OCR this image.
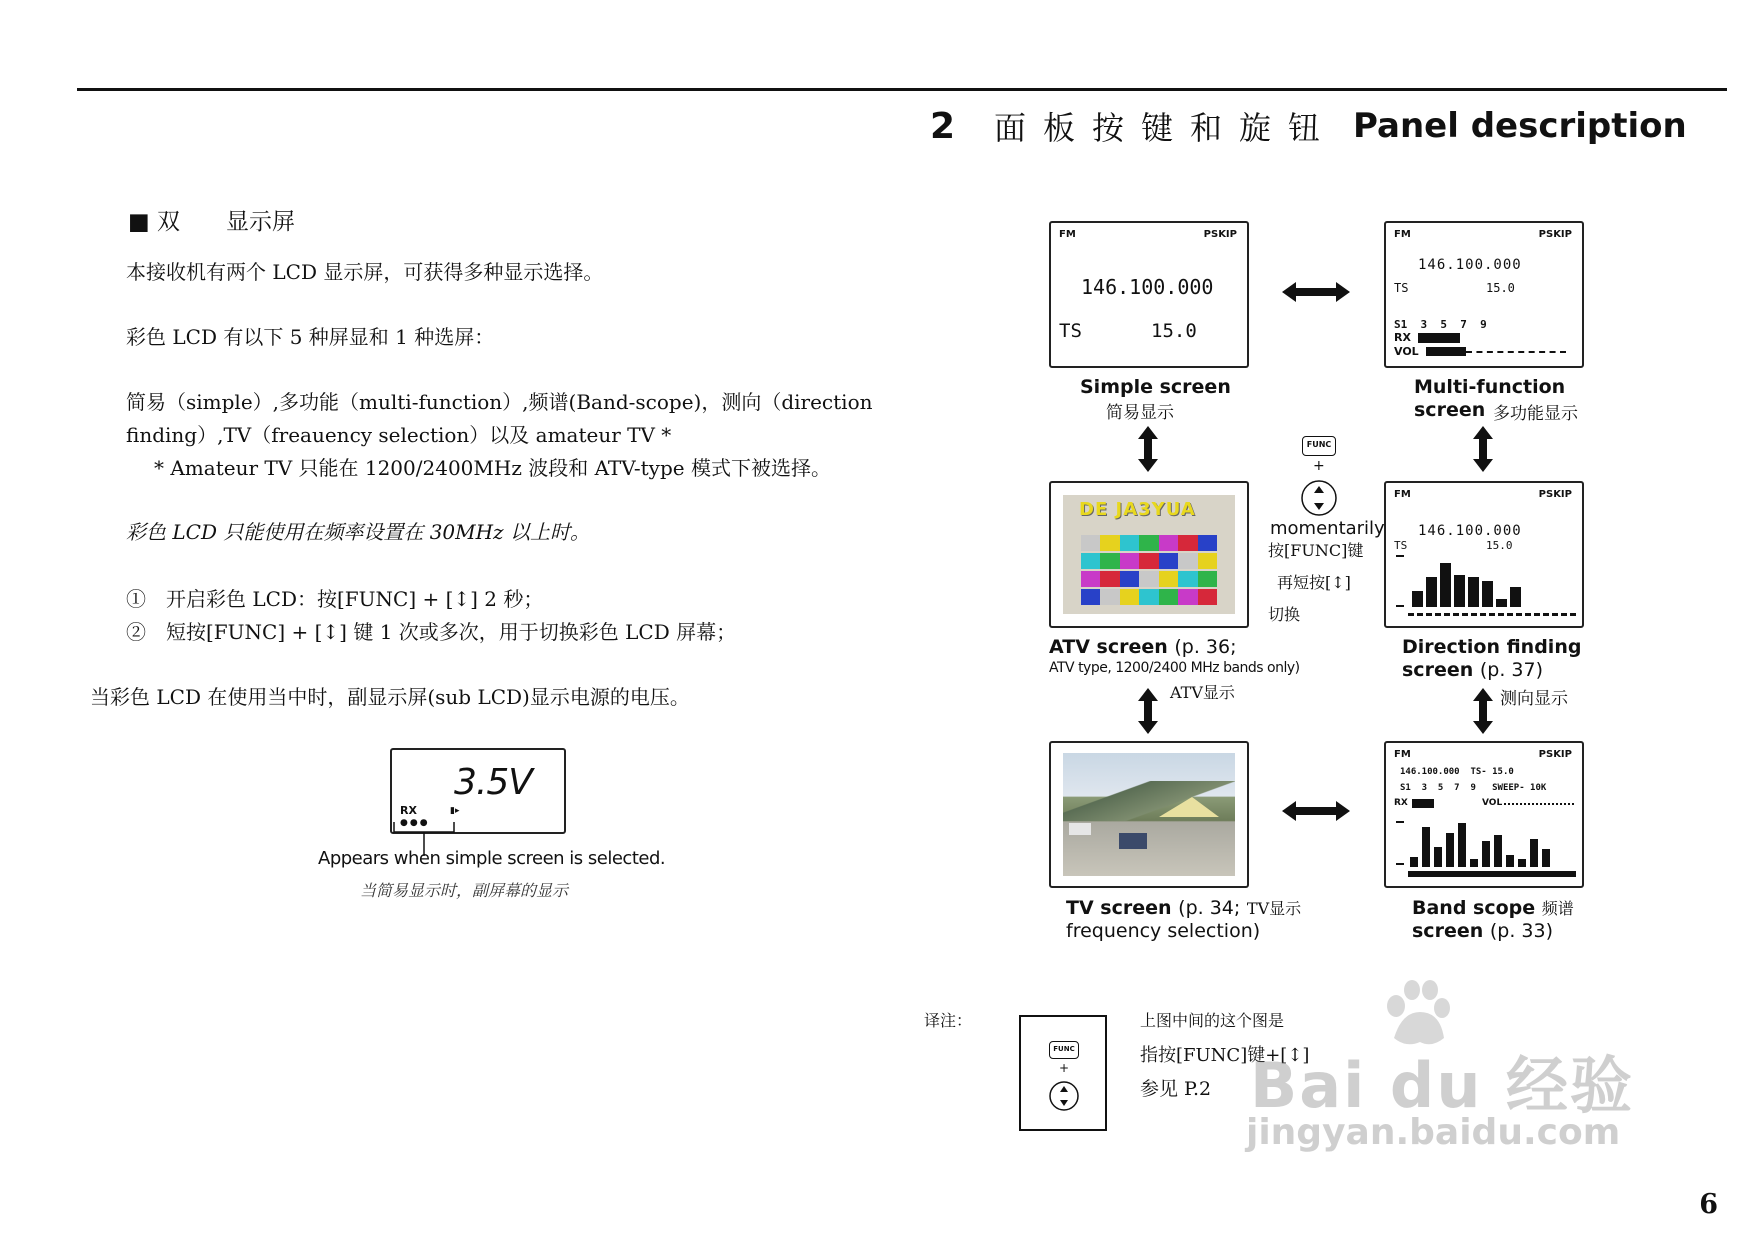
2	面板按键和旋钮 Panel description
■ 双　　显示屏
本接收机有两个 LCD 显示屏，可获得多种显示选择。
彩色 LCD 有以下 5 种屏显和 1 种选屏：
简易（simple）,多功能（multi-function）,频谱(Band-scope)，测向（direction
finding）,TV（freauency selection）以及 amateur TV *
* Amateur TV 只能在 1200/2400MHz 波段和 ATV-type 模式下被选择。
彩色 LCD 只能使用在频率设置在 30MHz 以上时。
①　开启彩色 LCD：按[FUNC] + [↕] 2 秒；
②　短按[FUNC] + [↕] 键 1 次或多次，用于切换彩色 LCD 屏幕；
当彩色 LCD 在使用当中时，副显示屏(sub LCD)显示电源的电压。
3.5V
RX
●●●
▮▸
Appears when simple screen is selected.
当简易显示时，副屏幕的显示
FM	PSKIP
146.100.000
TS	15.0
Simple screen
简易显示
FM	PSKIP
146.100.000
TS	15.0
S1  3  5  7  9
RX
VOL
Multi-function
screen 多功能显示
DE JA3YUA
ATV screen (p. 36;
ATV type, 1200/2400 MHz bands only)
ATV显示
FM	PSKIP
146.100.000
TS	15.0
Direction finding
screen (p. 37)
测向显示
TV screen (p. 34; TV显示
frequency selection)
FM	PSKIP
146.100.000  TS- 15.0
S1  3  5  7  9   SWEEP- 10K
RX	VOL
Band scope 频谱
screen (p. 33)
FUNC
+
momentarily
按[FUNC]键
再短按[↕]
切换
译注：
FUNC
+
上图中间的这个图是
指按[FUNC]键+[↕]
参见 P.2 Bai du 经验
jingyan.baidu.com
6
